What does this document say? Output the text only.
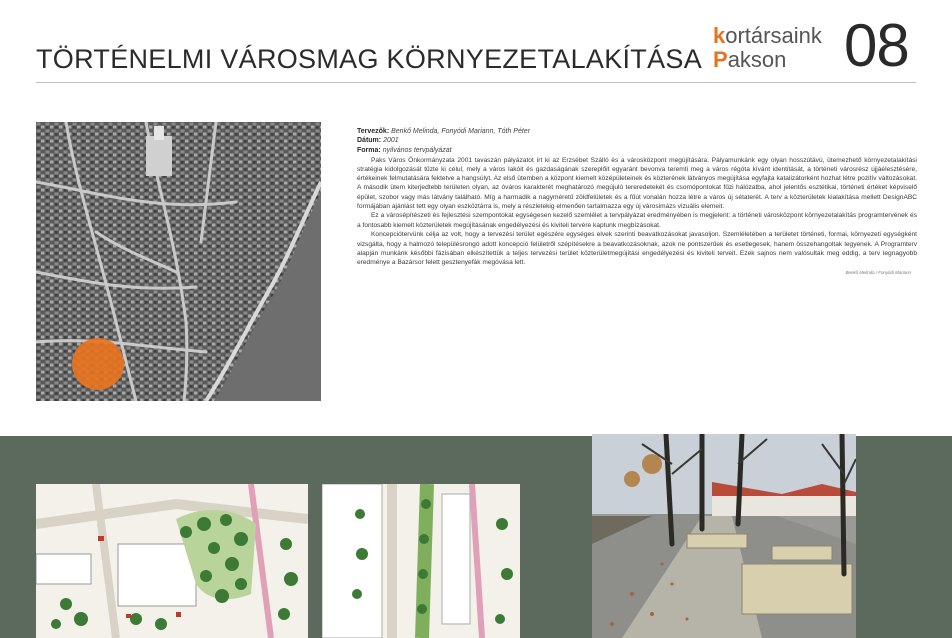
TÖRTÉNELMI VÁROSMAG KÖRNYEZETALAKÍTÁSA
kortársaink
Pakson 08
Tervezők: Benkő Melinda, Fonyódi Mariann, Tóth Péter
Dátum: 2001
Forma: nyilvános tervpályázat

Paks Város Önkormányzata 2001 tavaszán pályázatot írt ki az Erzsébet Szálló és a városközpont megújítására. Pályamunkánk egy olyan hosszútávú, ütemezhető környezetalakítási stratégia kidolgozását tűzte ki célul, mely a város lakóit és gazdaságának szereplőit egyaránt bevonva teremti meg a város régóta kívánt identitását, a történeti városrész újjáélesztésére, értékeinek felmutatására fektetve a hangsúlyt. Az első ütemben a központ kiemelt középületeinek és közterének látványos megújítása egyfajta katalizátorként hozhat létre pozitív változásokat. A második ütem kiterjedtebb területen olyan, az óváros karakterét meghatározó megújuló tereredetekét és csomópontokat fűzi hálózatba, ahol jelentős esztétikai, történeti értéket képviselő épület, szobor vagy más látvány található. Míg a harmadik a nagyméretű zöldfelületek és a fűút vonalán hozza létre a város új sétaterét. A terv a közterületek kialakítása mellett DesignABC formájában ajánlást tett egy olyan eszköztárra is, mely a részletekig elmenően tartalmazza egy új városimázs vizuális elemeit.

Ez a városépítészeti és fejlesztési szempontokat egységesen kezelő szemlélet a tervpályázat eredményében is megjelent: a történeti városközpont környezetalakítás programtervének és a fontosabb kiemelt közterületek megújításának engedélyezési és kiviteli tervére kaptunk megbízásokat.

Koncepciótervünk célja az volt, hogy a tervezési terület egészére egységes elvek szerinti beavatkozásokat javasoljon. Szemléletében a területet történeti, formai, környezeti egységként vizsgálta, hogy a halmozó településrongó adott koncepció felületről szépítésekre a beavatkozásoknak, azok ne pontszerűek és esetlegesek, hanem összehangoltak legyenek. A Programterv alapján munkánk későbbi fázisában elkészítettük a teljes tervezési terület közterületmegújítási engedélyezési és kiviteli terveit. Ezek sajnos nem valósultak meg eddig, a terv legnagyobb eredménye a Bazársor felett gesztenyefák megóvása lett.

Benkő Melinda / Fonyódi Mariann
